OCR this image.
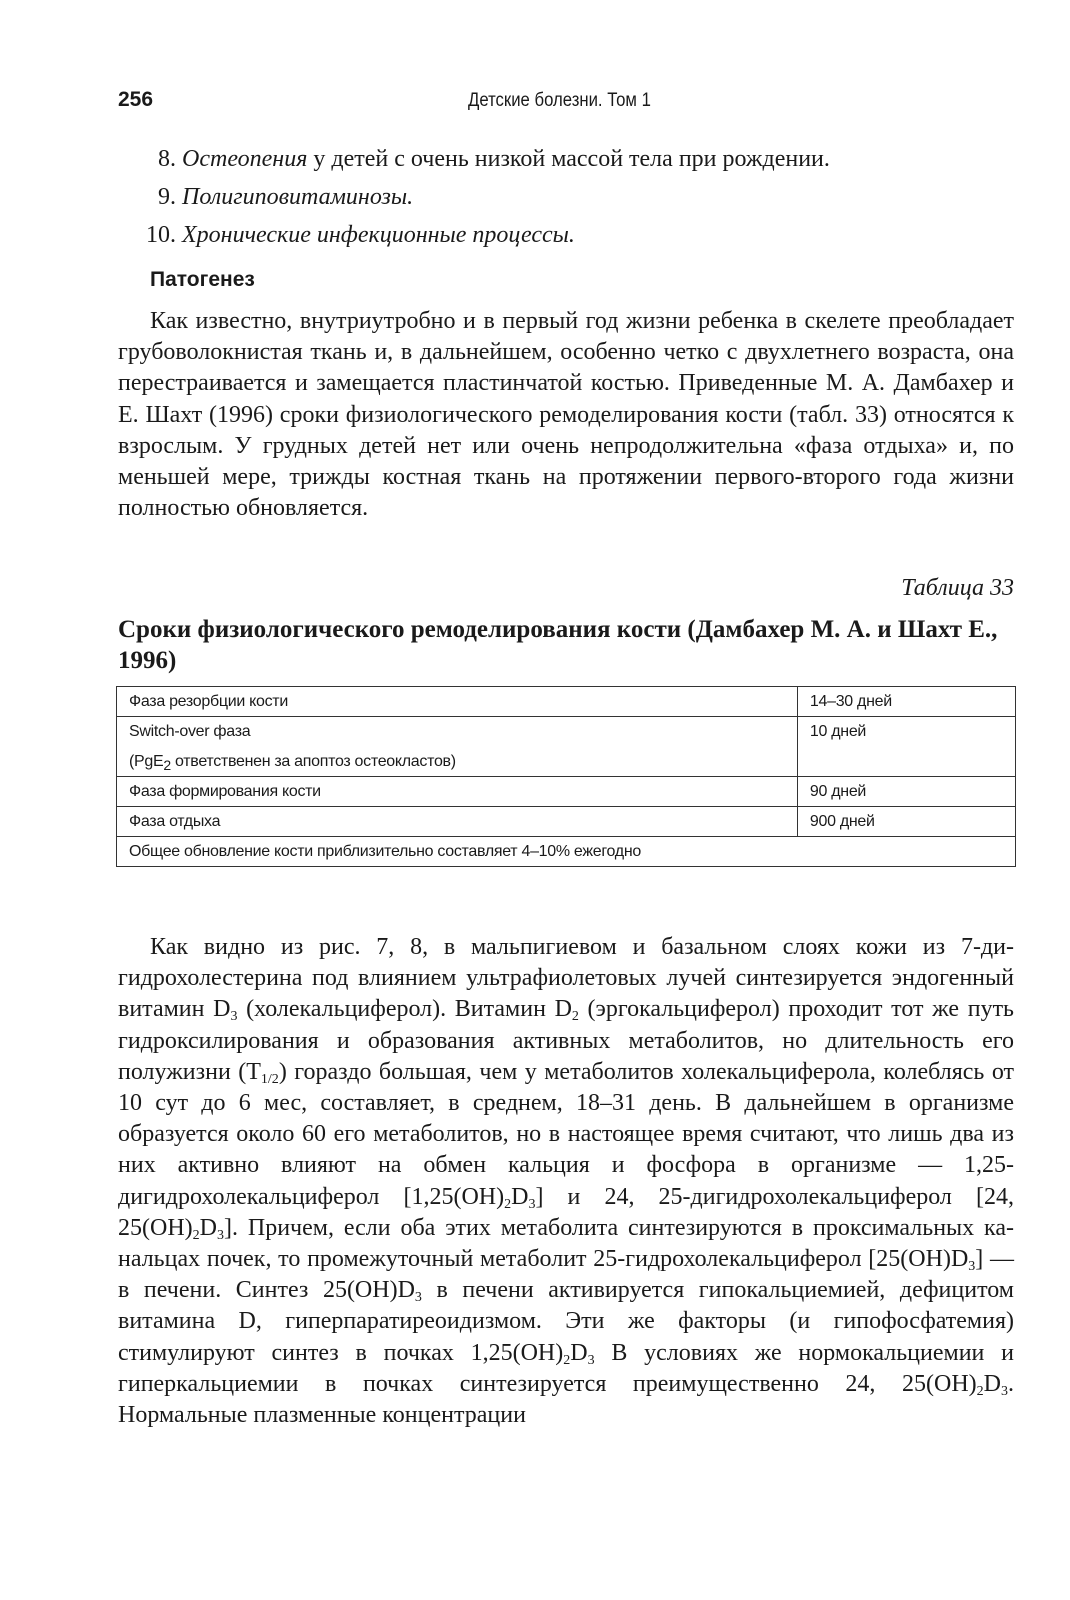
256	Детские болезни. Том 1
8. Остеопения у детей с очень низкой массой тела при рождении.
9. Полигиповитаминозы.
10. Хронические инфекционные процессы.
Патогенез

Как известно, внутриутробно и в первый год жизни ребенка в скелете преобладает грубоволокнистая ткань и, в дальнейшем, особенно четко с двухлетнего возраста, она перестраивается и замещается пластинчатой костью. Приведенные М. А. Дамбахер и Е. Шахт (1996) сроки физиологического ремоделирования кости (табл. 33) относятся к взрослым. У грудных детей нет или очень непродолжительна «фаза отдыха» и, по меньшей мере, трижды костная ткань на протяжении первого-второго года жизни полностью обновляется.

Таблица 33
Сроки физиологического ремоделирования кости (Дамбахер М. А. и Шахт Е., 1996)
Фаза резорбции кости	14–30 дней
Switch-over фаза
(PgE$_2$ ответственен за апоптоз остеокластов)	10 дней
Фаза формирования кости	90 дней
Фаза отдыха	900 дней
Общее обновление кости приблизительно составляет 4–10% ежегодно	

Как видно из рис. 7, 8, в мальпигиевом и базальном слоях кожи из 7-дигидрохолестерина под влиянием ультрафиолетовых лучей синтезируется эндогенный витамин $D_3$ (холекальциферол). Витамин $D_2$ (эргокальциферол) проходит тот же путь гидроксилирования и образования активных метаболитов, но длительность его полужизни $(T_{1/2})$ гораздо большая, чем у метаболитов холекальциферола, колеблясь от 10 сут до 6 мес, составляет, в среднем, 18–31 день. В дальнейшем в организме образуется около 60 его метаболитов, но в настоящее время считают, что лишь два из них активно влияют на обмен кальция и фосфора в организме — 1,25-дигидрохолекальциферол $[1,25(OH)_2D_3]$ и 24, 25-дигидрохолекальциферол [24, $25(OH)_2D_3$]. Причем, если оба этих метаболита синтезируются в проксимальных канальцах почек, то промежуточный метаболит 25-гидрохолекальциферол $[25(OH)D_3]$ — в печени. Синтез $25(OH)D_3$ в печени активируется гипокальциемией, дефицитом витамина D, гиперпаратиреоидизмом. Эти же факторы (и гипофосфатемия) стимулируют синтез в почках $1,25(OH)_2D_3$ В условиях же нормокальциемии и гиперкальциемии в почках синтезируется преимущественно 24, $25(OH)_2D_3$. Нормальные плазменные концентрации
